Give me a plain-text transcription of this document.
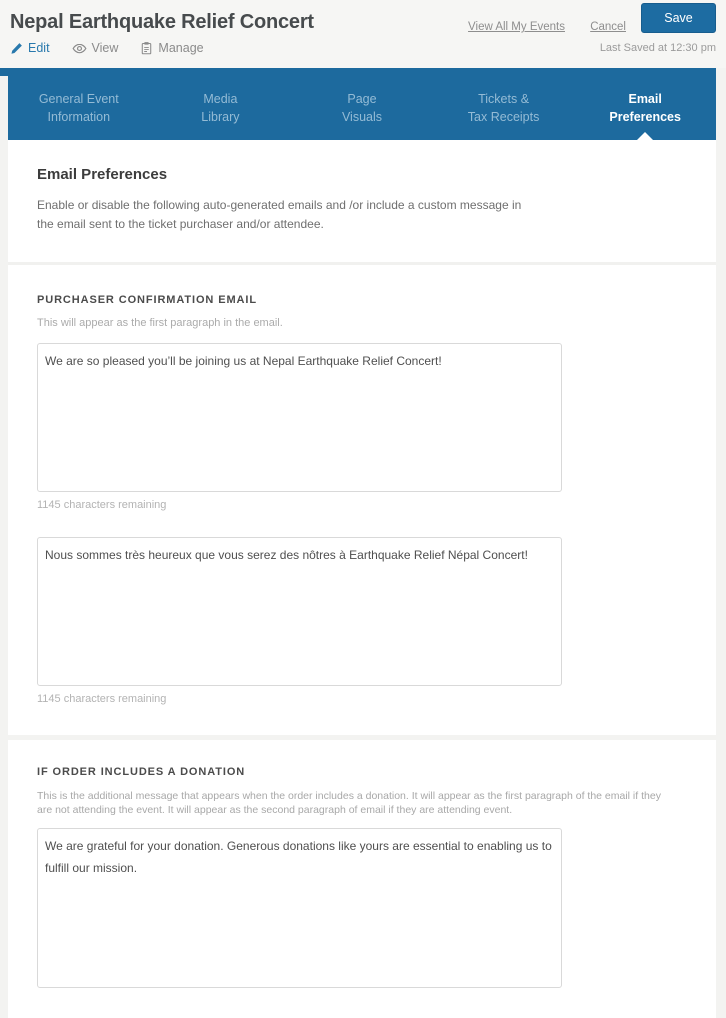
Nepal Earthquake Relief Concert	View All My Events Cancel
Save
Edit	View	Manage	Last Saved at 12:30 pm
General Event
Information
Media
Library
Page
Visuals
Tickets &
Tax Receipts
Email
Preferences
Email Preferences

Enable or disable the following auto-generated emails and /or include a custom message in the email sent to the ticket purchaser and/or attendee.

PURCHASER CONFIRMATION EMAIL

This will appear as the first paragraph in the email.

We are so pleased you’ll be joining us at Nepal Earthquake Relief Concert!

1145 characters remaining

Nous sommes très heureux que vous serez des nôtres à Earthquake Relief Népal Concert!

1145 characters remaining

IF ORDER INCLUDES A DONATION

This is the additional message that appears when the order includes a donation. It will appear as the first paragraph of the email if they are not attending the event. It will appear as the second paragraph of email if they are attending event.

We are grateful for your donation. Generous donations like yours are essential to enabling us to fulfill our mission.
